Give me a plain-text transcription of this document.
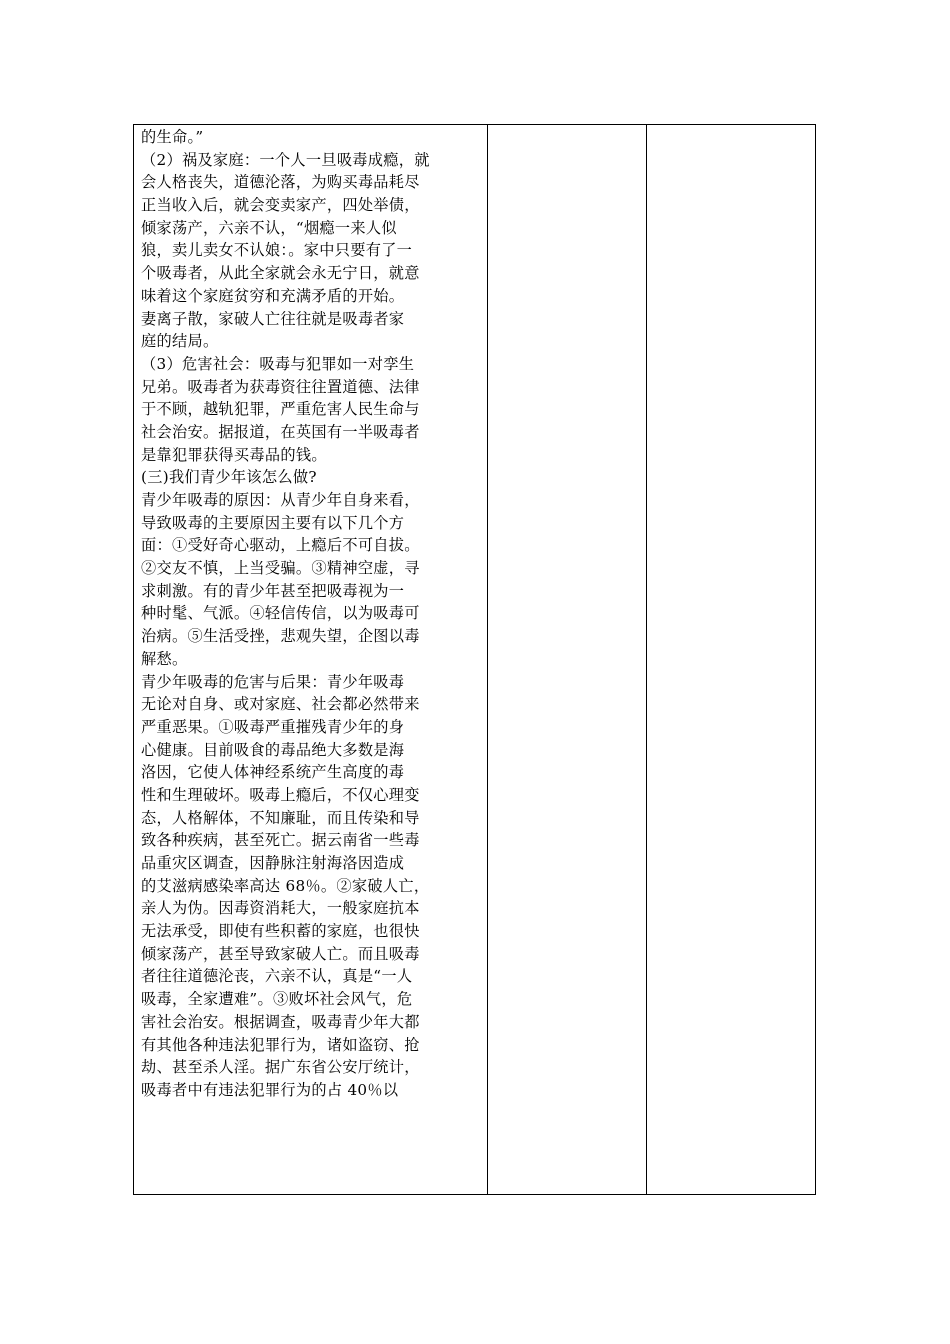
的生命。”
（2）祸及家庭：一个人一旦吸毒成瘾，就
会人格丧失，道德沦落，为购买毒品耗尽
正当收入后，就会变卖家产，四处举债，
倾家荡产，六亲不认，“烟瘾一来人似
狼，卖儿卖女不认娘：。家中只要有了一
个吸毒者，从此全家就会永无宁日，就意
味着这个家庭贫穷和充满矛盾的开始。
妻离子散，家破人亡往往就是吸毒者家
庭的结局。
（3）危害社会：吸毒与犯罪如一对孪生
兄弟。吸毒者为获毒资往往置道德、法律
于不顾，越轨犯罪，严重危害人民生命与
社会治安。据报道，在英国有一半吸毒者
是靠犯罪获得买毒品的钱。
(三)我们青少年该怎么做?
青少年吸毒的原因：从青少年自身来看，
导致吸毒的主要原因主要有以下几个方
面：①受好奇心驱动，上瘾后不可自拔。
②交友不慎，上当受骗。③精神空虚，寻
求刺激。有的青少年甚至把吸毒视为一
种时髦、气派。④轻信传信，以为吸毒可
治病。⑤生活受挫，悲观失望，企图以毒
解愁。
青少年吸毒的危害与后果：青少年吸毒
无论对自身、或对家庭、社会都必然带来
严重恶果。①吸毒严重摧残青少年的身
心健康。目前吸食的毒品绝大多数是海
洛因，它使人体神经系统产生高度的毒
性和生理破坏。吸毒上瘾后，不仅心理变
态，人格解体，不知廉耻，而且传染和导
致各种疾病，甚至死亡。据云南省一些毒
品重灾区调查，因静脉注射海洛因造成
的艾滋病感染率高达 68％。②家破人亡，
亲人为伪。因毒资消耗大，一般家庭抗本
无法承受，即使有些积蓄的家庭，也很快
倾家荡产，甚至导致家破人亡。而且吸毒
者往往道德沦丧，六亲不认，真是“一人
吸毒，全家遭难”。③败坏社会风气，危
害社会治安。根据调查，吸毒青少年大都
有其他各种违法犯罪行为，诸如盗窃、抢
劫、甚至杀人淫。据广东省公安厅统计，
吸毒者中有违法犯罪行为的占 40％以
